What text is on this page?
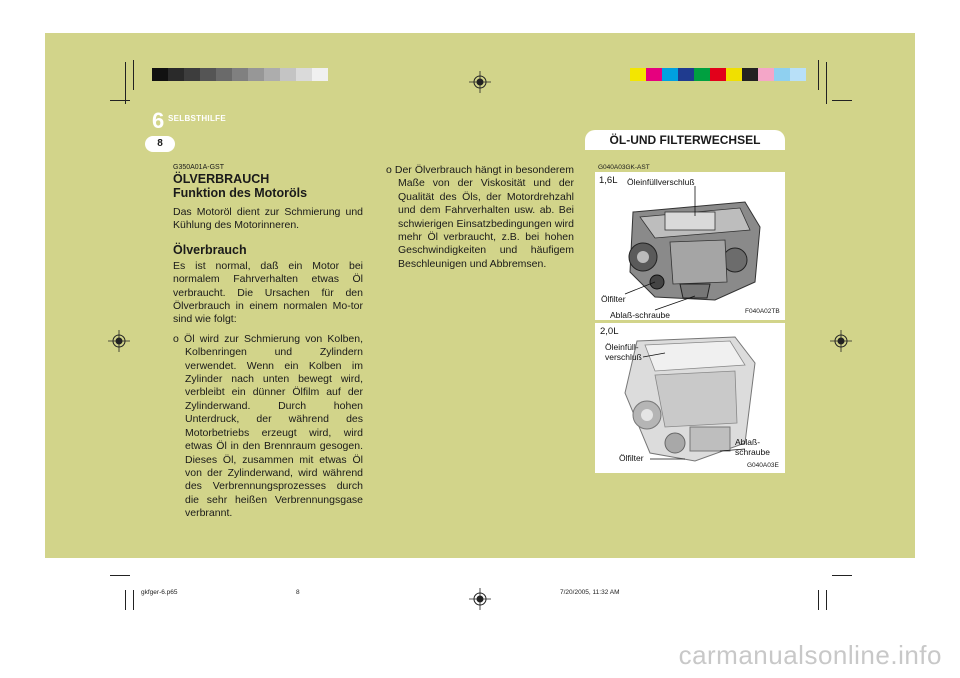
6 SELBSTHILFE
8	ÖL-UND FILTERWECHSEL

G350A01A-GST

ÖLVERBRAUCH

Funktion des Motoröls

Das Motoröl dient zur Schmierung und Kühlung des Motorinneren.

Ölverbrauch

Es ist normal, daß ein Motor bei normalem Fahrverhalten etwas Öl verbraucht. Die Ursachen für den Ölverbrauch in einem normalen Mo-tor sind wie folgt:

o Öl wird zur Schmierung von Kolben, Kolbenringen und Zylindern verwendet. Wenn ein Kolben im Zylinder nach unten bewegt wird, verbleibt ein dünner Ölfilm auf der Zylinderwand. Durch hohen Unterdruck, der während des Motorbetriebs erzeugt wird, wird etwas Öl in den Brennraum gesogen. Dieses Öl, zusammen mit etwas Öl von der Zylinderwand, wird während des Verbrennungsprozesses durch die sehr heißen Verbrennungsgase verbrannt.

o Der Ölverbrauch hängt in besonderem Maße von der Viskosität und der Qualität des Öls, der Motordrehzahl und dem Fahrverhalten usw. ab. Bei schwierigen Einsatzbedingungen wird mehr Öl verbraucht, z.B. bei hohen Geschwindigkeiten und häufigem Beschleunigen und Abbremsen.

G040A03GK-AST
1,6L Öleinfüllverschluß
Ölfilter
Ablaß-schraube	F040A02TB
2,0L
Öleinfüll-
verschluß
Ölfilter
Ablaß-
schraube
G040A03E
gkfger-6.p65	8	7/20/2005, 11:32 AM
carmanualsonline.info
